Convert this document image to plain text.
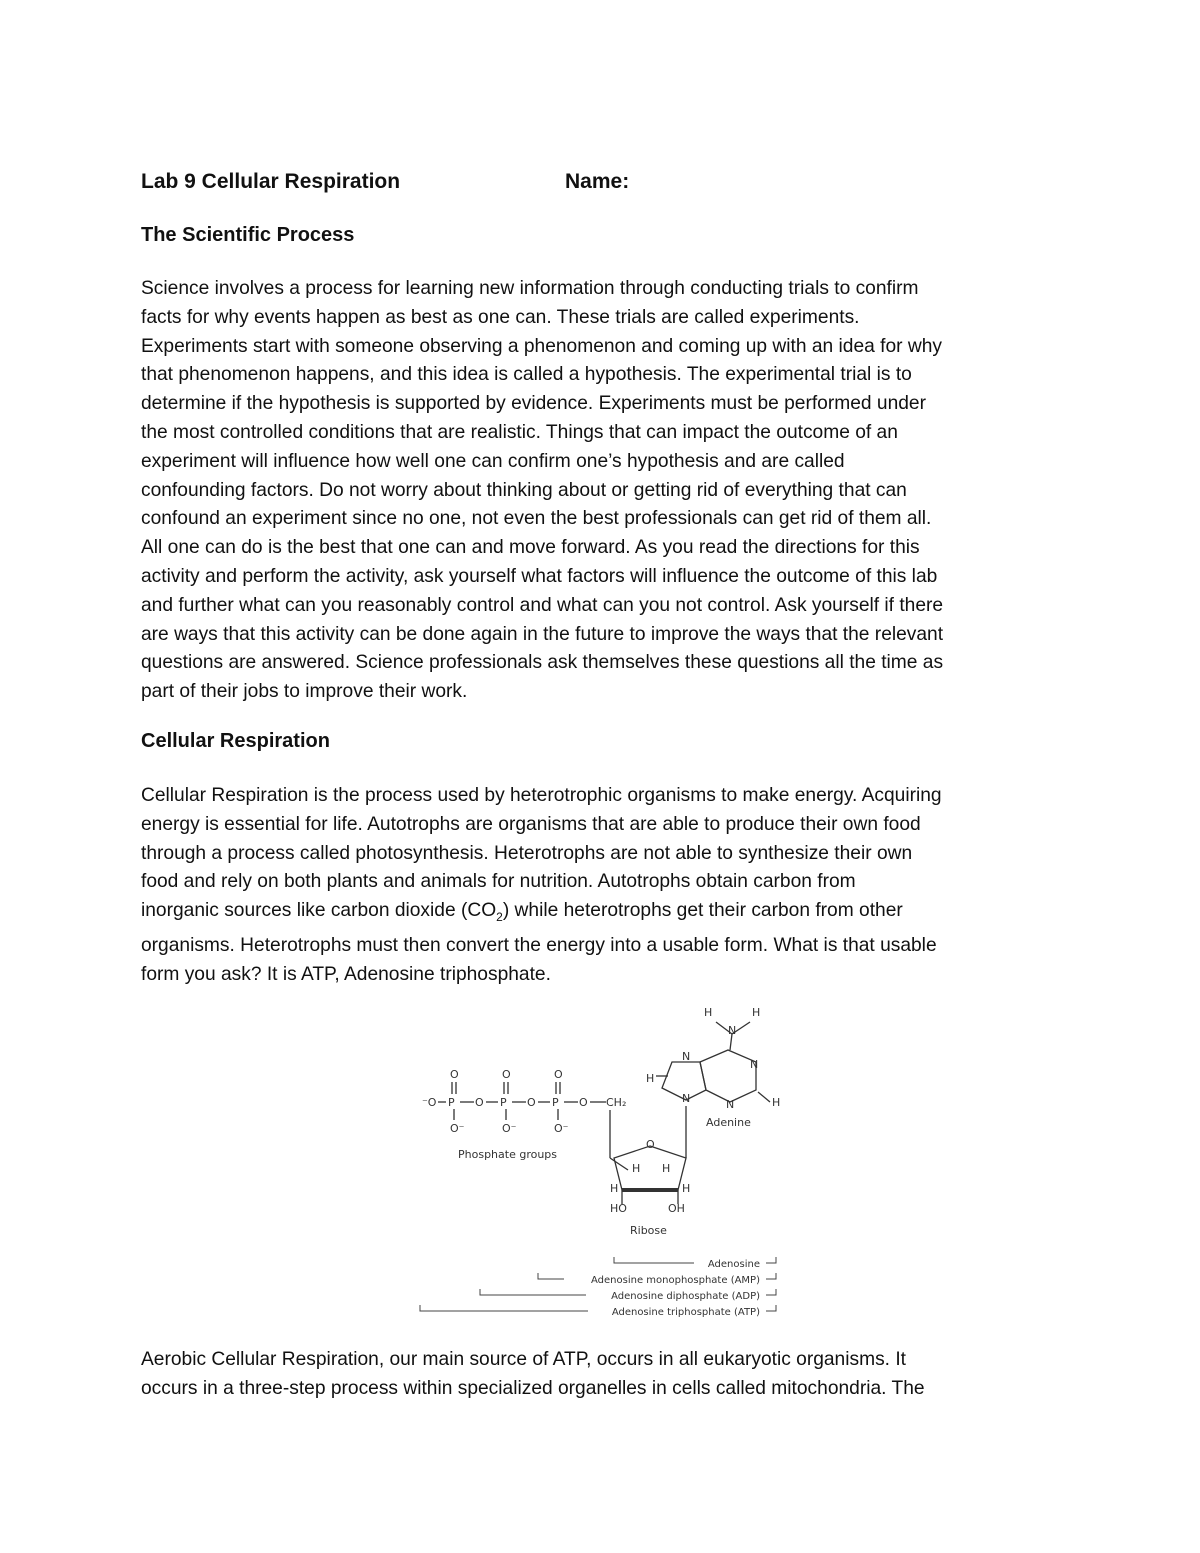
Lab 9 Cellular Respiration	Name:
The Scientific Process
Science involves a process for learning new information through conducting trials to confirm
facts for why events happen as best as one can. These trials are called experiments.
Experiments start with someone observing a phenomenon and coming up with an idea for why
that phenomenon happens, and this idea is called a hypothesis. The experimental trial is to
determine if the hypothesis is supported by evidence. Experiments must be performed under
the most controlled conditions that are realistic. Things that can impact the outcome of an
experiment will influence how well one can confirm one’s hypothesis and are called
confounding factors. Do not worry about thinking about or getting rid of everything that can
confound an experiment since no one, not even the best professionals can get rid of them all.
All one can do is the best that one can and move forward. As you read the directions for this
activity and perform the activity, ask yourself what factors will influence the outcome of this lab
and further what can you reasonably control and what can you not control. Ask yourself if there
are ways that this activity can be done again in the future to improve the ways that the relevant
questions are answered. Science professionals ask themselves these questions all the time as
part of their jobs to improve their work.
Cellular Respiration
Cellular Respiration is the process used by heterotrophic organisms to make energy. Acquiring
energy is essential for life. Autotrophs are organisms that are able to produce their own food
through a process called photosynthesis. Heterotrophs are not able to synthesize their own
food and rely on both plants and animals for nutrition. Autotrophs obtain carbon from
inorganic sources like carbon dioxide $(CO_2)$ while heterotrophs get their carbon from other
organisms. Heterotrophs must then convert the energy into a usable form. What is that usable
form you ask? It is ATP, Adenosine triphosphate.
⁻O P	P	P
O	O	O
O	O	O
O⁻	O⁻	O⁻
CH₂
O
H H
H	H
HO	OH
N
N
N
N
N
H	H
H
H
Phosphate groups
Ribose
Adenine
Adenosine
Adenosine monophosphate (AMP)
Adenosine diphosphate (ADP)
Adenosine triphosphate (ATP)
Aerobic Cellular Respiration, our main source of ATP, occurs in all eukaryotic organisms. It
occurs in a three-step process within specialized organelles in cells called mitochondria. The
